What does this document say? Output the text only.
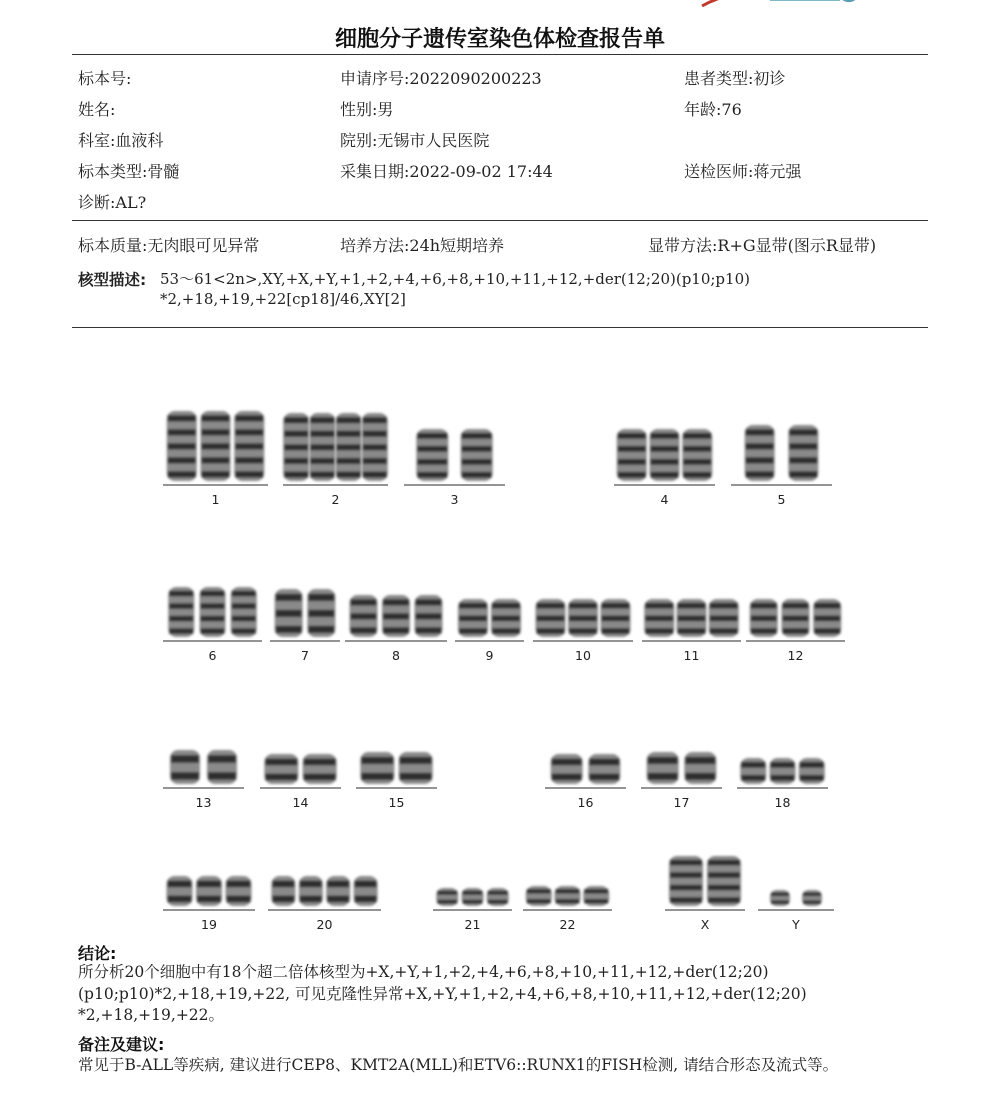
细胞分子遗传室染色体检查报告单
标本号:	申请序号:2022090200223	患者类型:初诊
姓名:	性别:男	年龄:76
科室:血液科	院别:无锡市人民医院
标本类型:骨髓	采集日期:2022-09-02 17:44	送检医师:蒋元强
诊断:AL?
标本质量:无肉眼可见异常	培养方法:24h短期培养	显带方法:R+G显带(图示R显带)
核型描述: 53～61<2n>,XY,+X,+Y,+1,+2,+4,+6,+8,+10,+11,+12,+der(12;20)(p10;p10)
*2,+18,+19,+22[cp18]/46,XY[2]
1	2	3	4	5
6	7	8	9	10	11	12
13	14	15	16	17	18
19	20	21	22	X	Y
结论:
所分析20个细胞中有18个超二倍体核型为+X,+Y,+1,+2,+4,+6,+8,+10,+11,+12,+der(12;20)
(p10;p10)*2,+18,+19,+22, 可见克隆性异常+X,+Y,+1,+2,+4,+6,+8,+10,+11,+12,+der(12;20)
*2,+18,+19,+22。
备注及建议:
常见于B-ALL等疾病, 建议进行CEP8、KMT2A(MLL)和ETV6::RUNX1的FISH检测, 请结合形态及流式等。
